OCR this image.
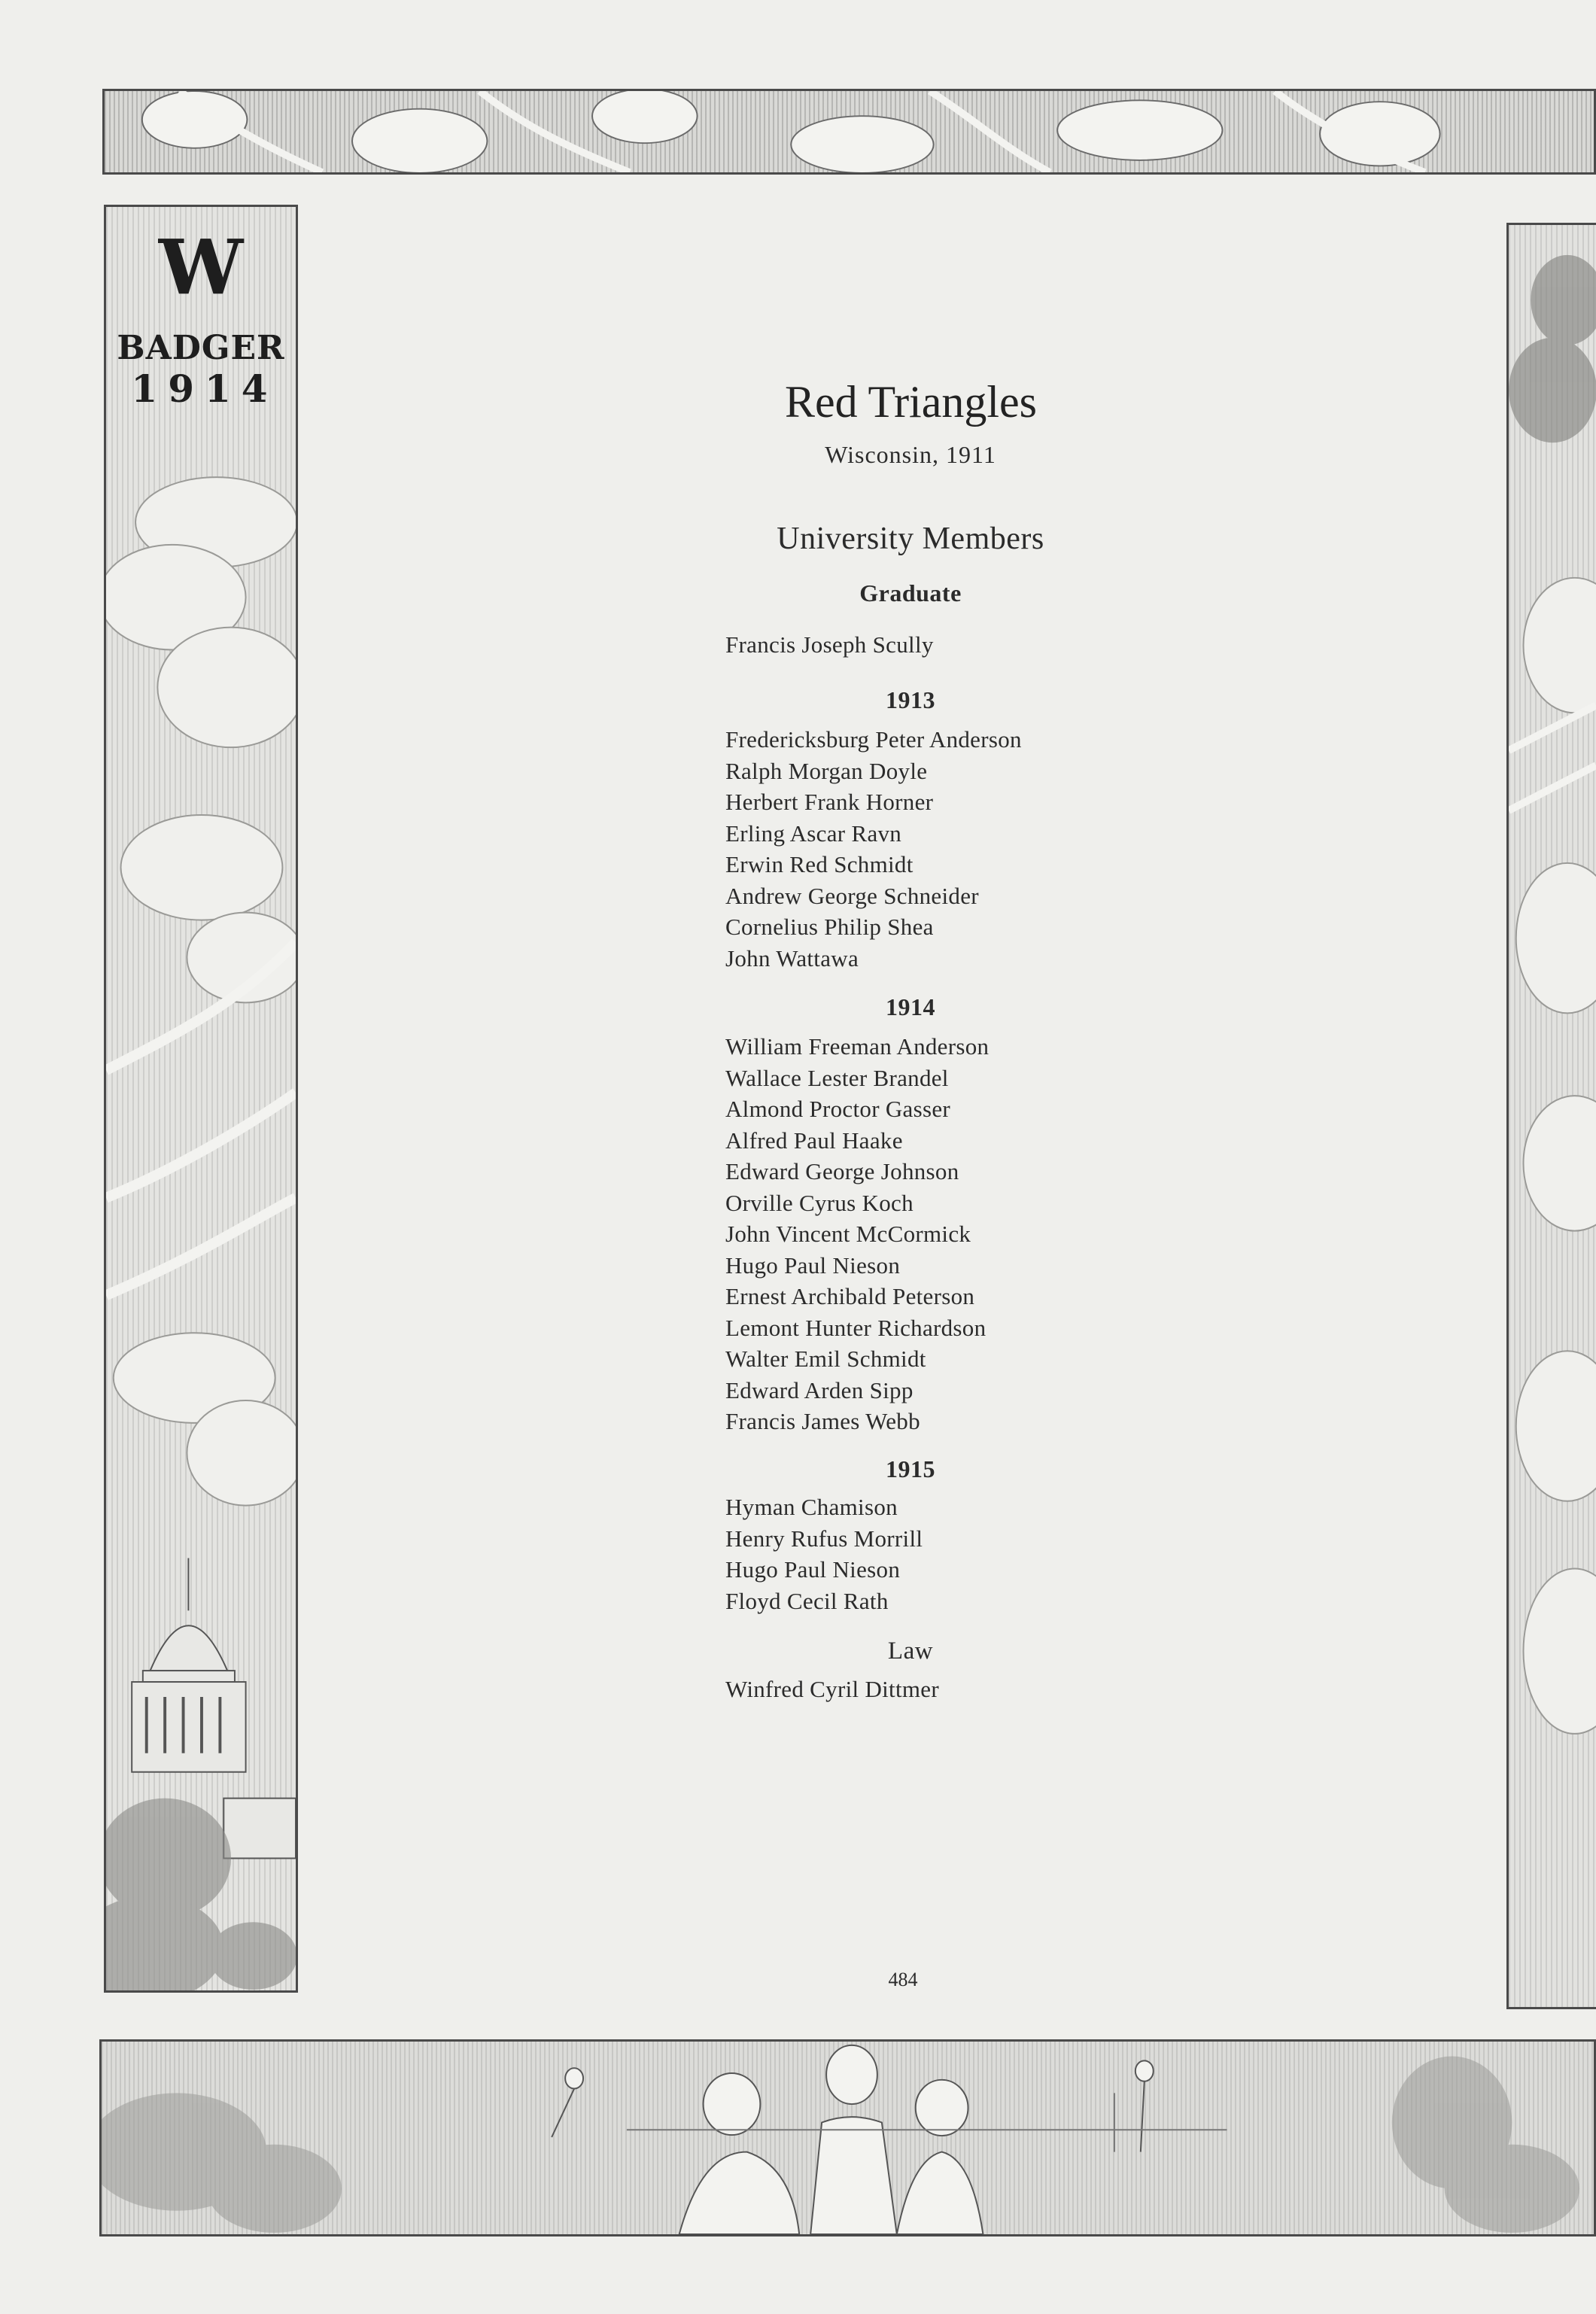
W
BADGER
1914	Red Triangles
Wisconsin, 1911
University Members
Graduate
Francis Joseph Scully
1913
Fredericksburg Peter Anderson
Ralph Morgan Doyle
Herbert Frank Horner
Erling Ascar Ravn
Erwin Red Schmidt
Andrew George Schneider
Cornelius Philip Shea
John Wattawa
1914
William Freeman Anderson
Wallace Lester Brandel
Almond Proctor Gasser
Alfred Paul Haake
Edward George Johnson
Orville Cyrus Koch
John Vincent McCormick
Hugo Paul Nieson
Ernest Archibald Peterson
Lemont Hunter Richardson
Walter Emil Schmidt
Edward Arden Sipp
Francis James Webb
1915
Hyman Chamison
Henry Rufus Morrill
Hugo Paul Nieson
Floyd Cecil Rath
Law
Winfred Cyril Dittmer
484
